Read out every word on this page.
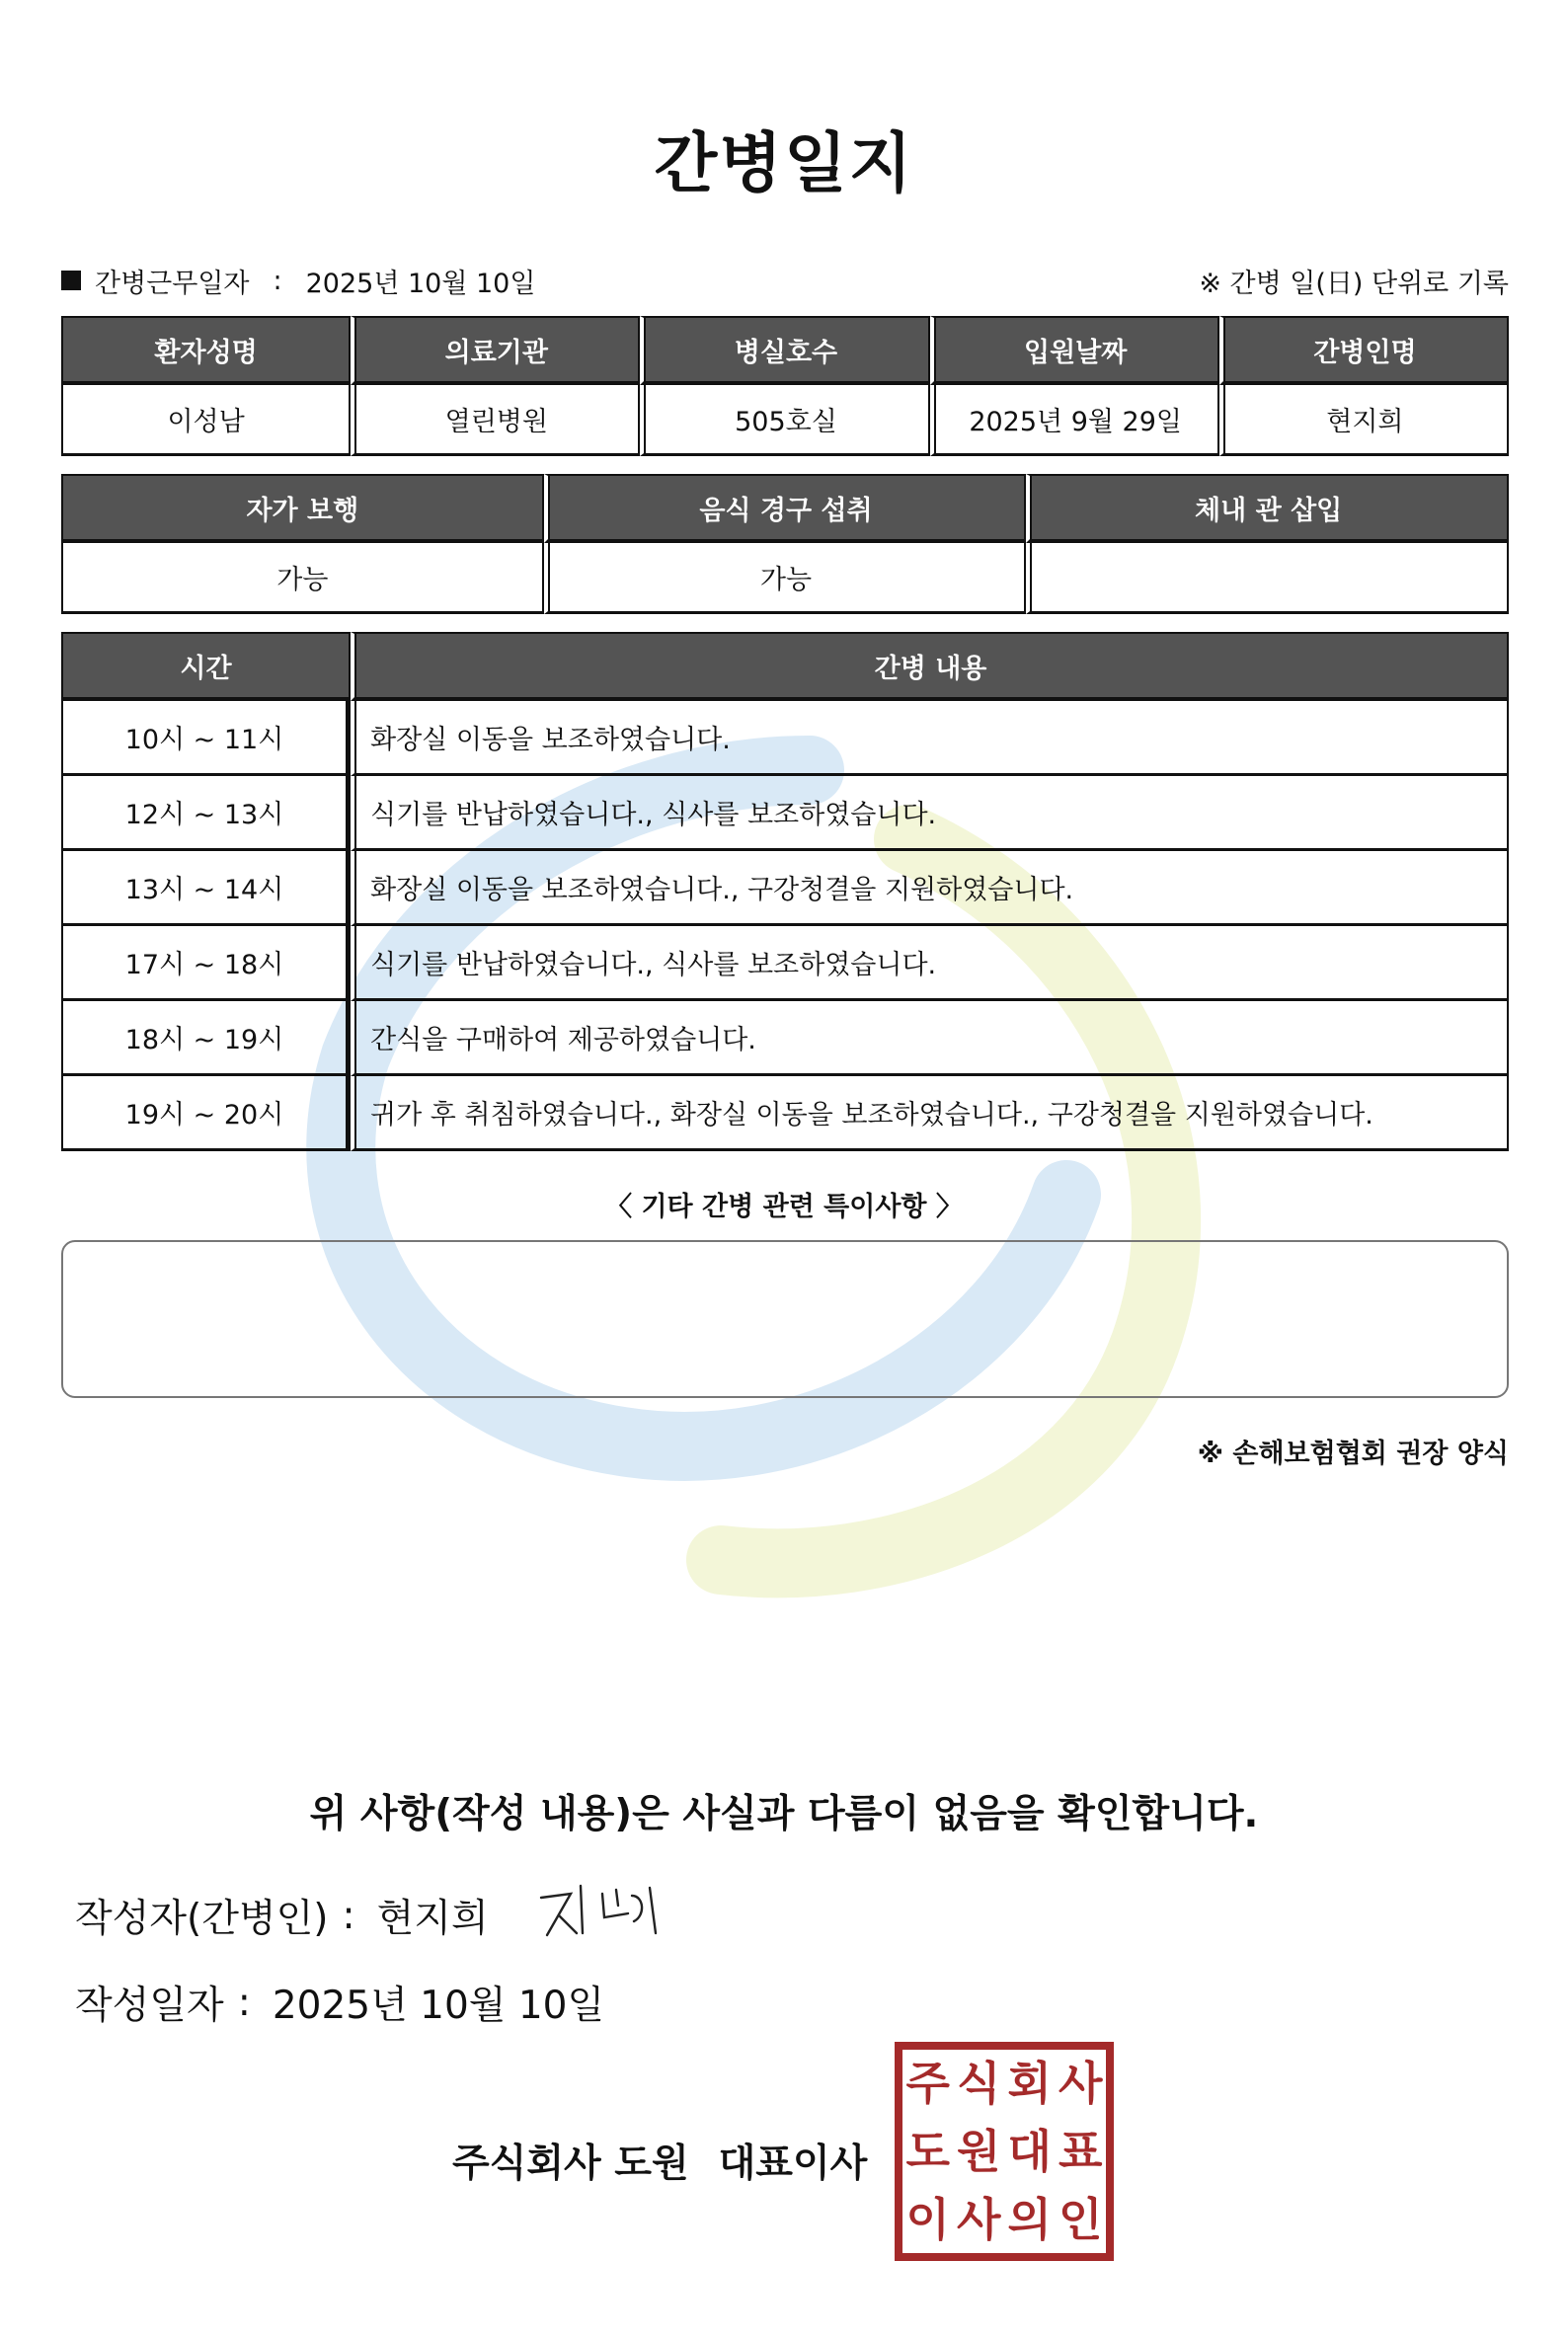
간병일지
간병근무일자 : 2025년 10월 10일	※ 간병 일(日) 단위로 기록
환자성명	의료기관	병실호수	입원날짜	간병인명
이성남	열린병원	505호실	2025년 9월 29일	현지희
자가 보행	음식 경구 섭취	체내 관 삽입
가능	가능	
시간	간병 내용
10시 ~ 11시	화장실 이동을 보조하였습니다.
12시 ~ 13시	식기를 반납하였습니다., 식사를 보조하였습니다.
13시 ~ 14시	화장실 이동을 보조하였습니다., 구강청결을 지원하였습니다.
17시 ~ 18시	식기를 반납하였습니다., 식사를 보조하였습니다.
18시 ~ 19시	간식을 구매하여 제공하였습니다.
19시 ~ 20시	귀가 후 취침하였습니다., 화장실 이동을 보조하였습니다., 구강청결을 지원하였습니다.
〈 기타 간병 관련 특이사항 〉
※ 손해보험협회 권장 양식
위 사항(작성 내용)은 사실과 다름이 없음을 확인합니다.
작성자(간병인) : 현지희
작성일자 : 2025년 10월 10일
주식회사 도원 대표이사
주 식 회 사
도 원 대 표
이 사 의 인
